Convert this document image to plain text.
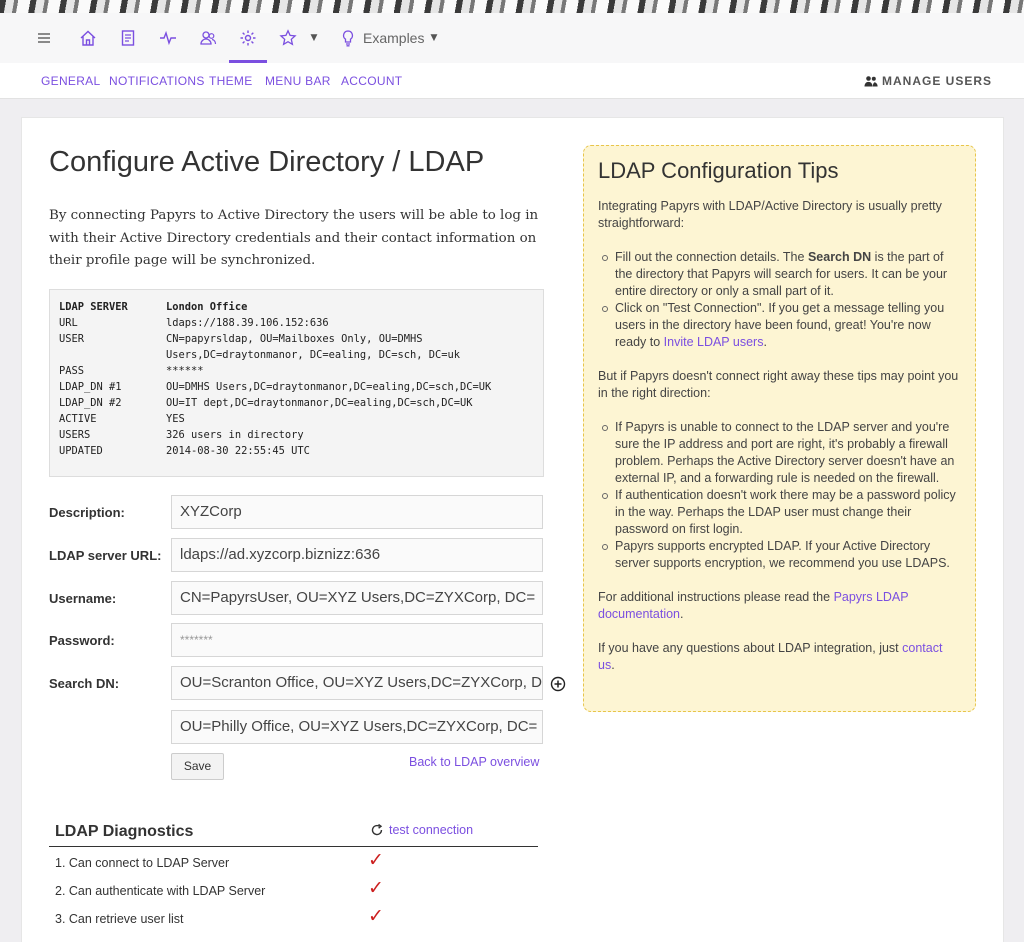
▼	Examples ▼
GENERAL NOTIFICATIONS THEME MENU BAR ACCOUNT	MANAGE USERS
Configure Active Directory / LDAP

By connecting Papyrs to Active Directory the users will be able to log in with their Active Directory credentials and their contact information on their profile page will be synchronized.

LDAP SERVER	London Office
URL	ldaps://188.39.106.152:636
USER	CN=papyrsldap, OU=Mailboxes Only, OU=DMHS
Users,DC=draytonmanor, DC=ealing, DC=sch, DC=uk
PASS	******
LDAP_DN #1	OU=DMHS Users,DC=draytonmanor,DC=ealing,DC=sch,DC=UK
LDAP_DN #2	OU=IT dept,DC=draytonmanor,DC=ealing,DC=sch,DC=UK
ACTIVE	YES
USERS	326 users in directory
UPDATED	2014-08-30 22:55:45 UTC
Description:	XYZCorp
LDAP server URL:	ldaps://ad.xyzcorp.biznizz:636
Username:	CN=PapyrsUser, OU=XYZ Users,DC=ZYXCorp, DC=
Password:	*******
Search DN:	OU=Scranton Office, OU=XYZ Users,DC=ZYXCorp, D
OU=Philly Office, OU=XYZ Users,DC=ZYXCorp, DC=
Save	Back to LDAP overview
LDAP Diagnostics	test connection
1. Can connect to LDAP Server	✓
2. Can authenticate with LDAP Server	✓
3. Can retrieve user list	✓
LDAP Configuration Tips

Integrating Papyrs with LDAP/Active Directory is usually pretty straightforward:

Fill out the connection details. The Search DN is the part of the directory that Papyrs will search for users. It can be your entire directory or only a small part of it.
Click on "Test Connection". If you get a message telling you users in the directory have been found, great! You're now ready to Invite LDAP users.

But if Papyrs doesn't connect right away these tips may point you in the right direction:

If Papyrs is unable to connect to the LDAP server and you're sure the IP address and port are right, it's probably a firewall problem. Perhaps the Active Directory server doesn't have an external IP, and a forwarding rule is needed on the firewall.
If authentication doesn't work there may be a password policy in the way. Perhaps the LDAP user must change their password on first login.
Papyrs supports encrypted LDAP. If your Active Directory server supports encryption, we recommend you use LDAPS.

For additional instructions please read the Papyrs LDAP documentation.

If you have any questions about LDAP integration, just contact us.
